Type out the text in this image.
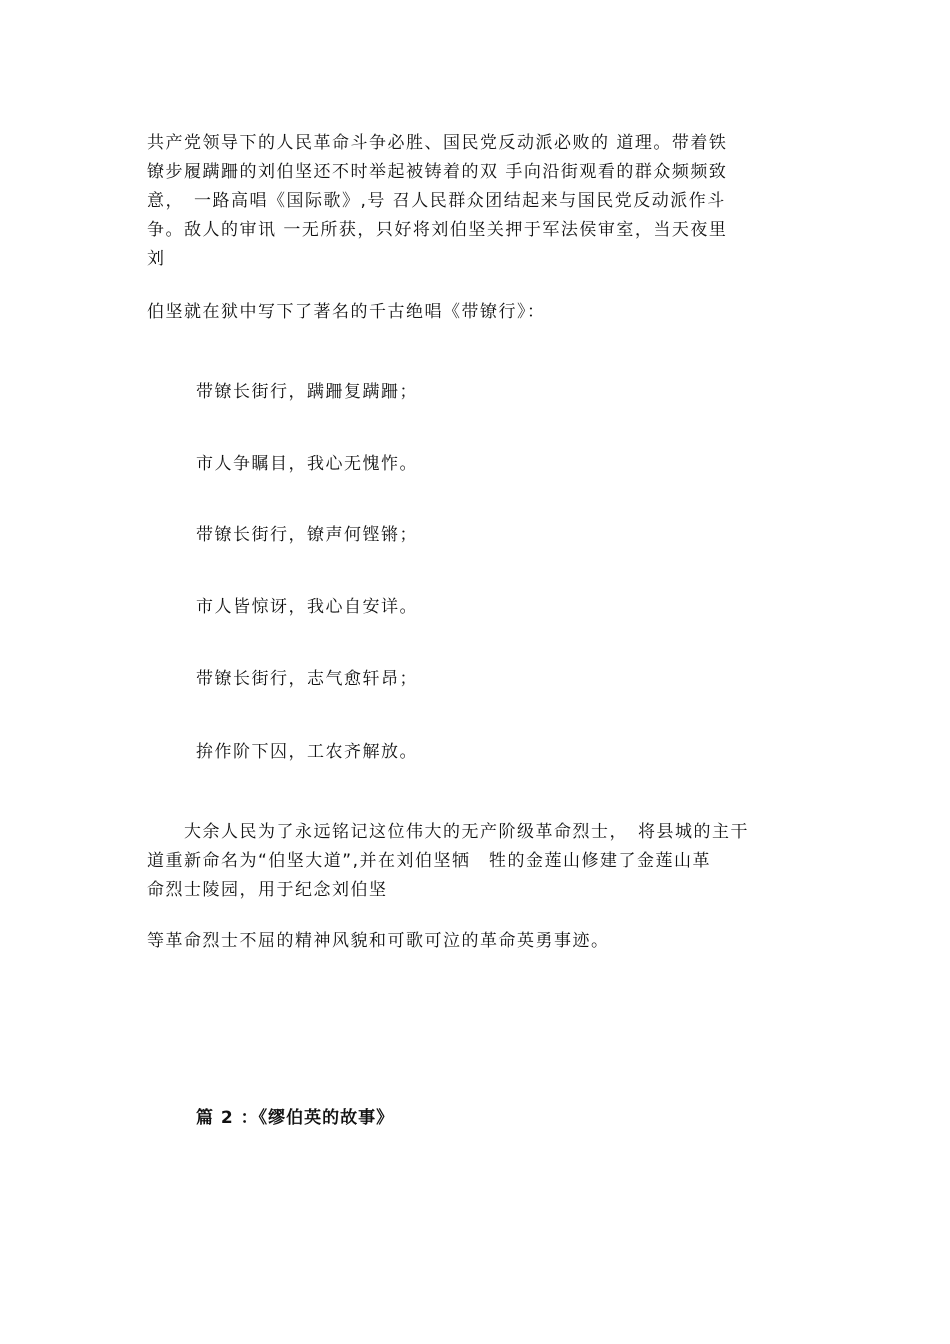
共产党领导下的人民革命斗争必胜、国民党反动派必败的 道理。带着铁
镣步履蹒跚的刘伯坚还不时举起被铸着的双 手向沿街观看的群众频频致
意，　一路高唱《国际歌》,号 召人民群众团结起来与国民党反动派作斗
争。敌人的审讯 一无所获，只好将刘伯坚关押于军法侯审室，当天夜里
刘
伯坚就在狱中写下了著名的千古绝唱《带镣行》：
带镣长街行，蹒跚复蹒跚；
市人争瞩目，我心无愧怍。
带镣长街行，镣声何铿锵；
市人皆惊讶，我心自安详。
带镣长街行，志气愈轩昂；
拚作阶下囚，工农齐解放。
　　大余人民为了永远铭记这位伟大的无产阶级革命烈士，　将县城的主干
道重新命名为“伯坚大道”,并在刘伯坚牺　牲的金莲山修建了金莲山革
命烈士陵园，用于纪念刘伯坚
等革命烈士不屈的精神风貌和可歌可泣的革命英勇事迹。
篇 2 ：《缪伯英的故事》
